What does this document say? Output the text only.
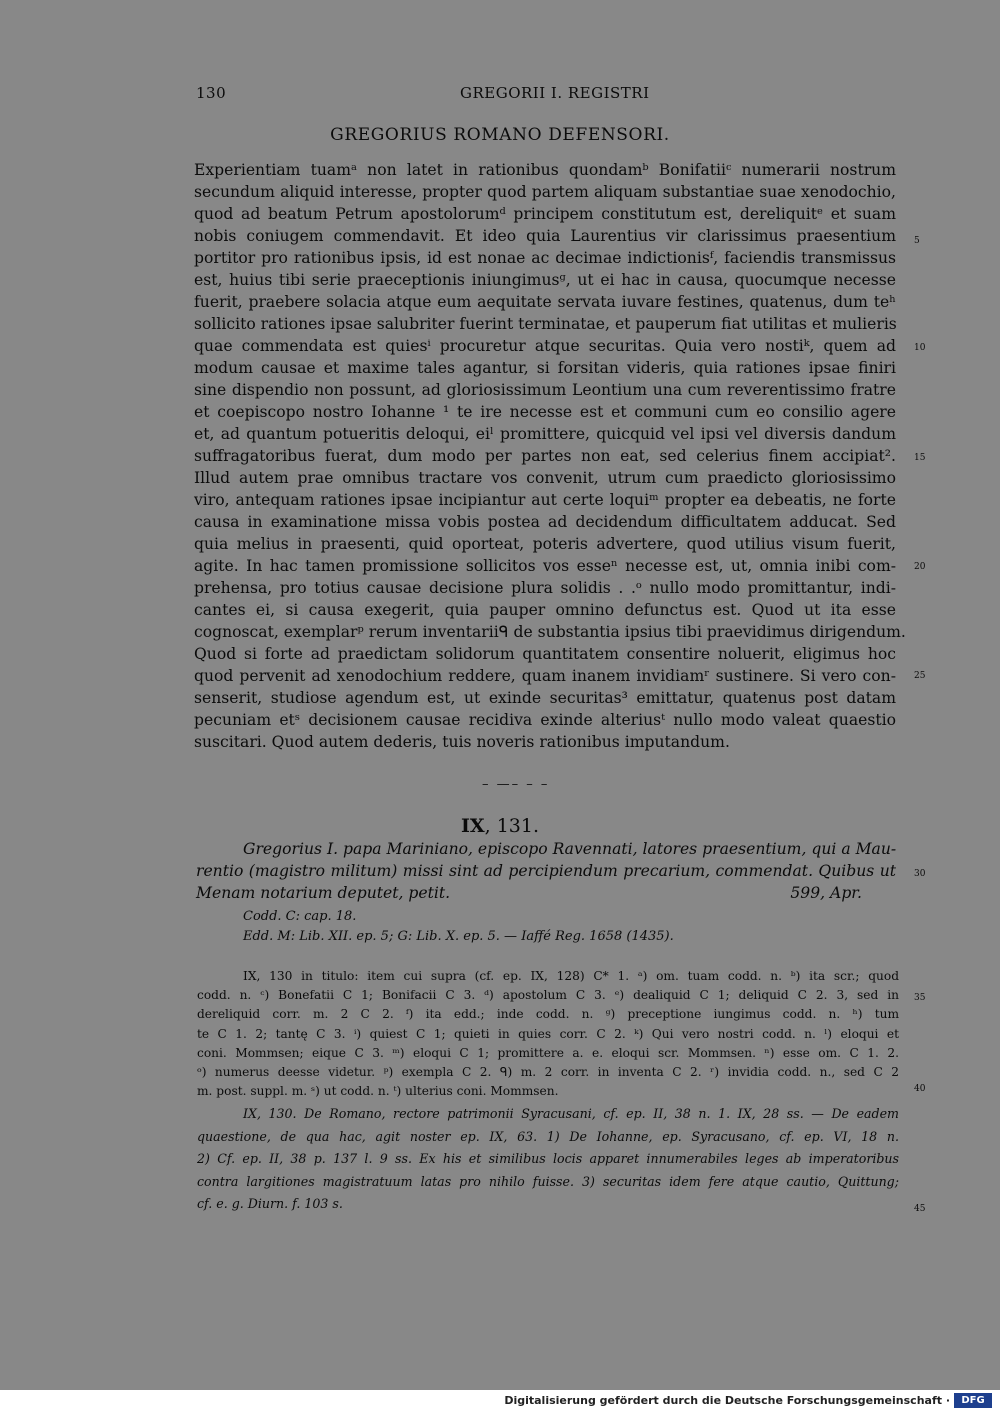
130	GREGORII I. REGISTRI
GREGORIUS ROMANO DEFENSORI.
Experientiam tuamᵃ non latet in rationibus quondamᵇ Bonifatiiᶜ numerarii nostrum
secundum aliquid interesse, propter quod partem aliquam substantiae suae xenodochio,
quod ad beatum Petrum apostolorumᵈ principem constitutum est, dereliquitᵉ et suam
nobis coniugem commendavit. Et ideo quia Laurentius vir clarissimus praesentium
portitor pro rationibus ipsis, id est nonae ac decimae indictionisᶠ, faciendis transmissus
est, huius tibi serie praeceptionis iniungimusᵍ, ut ei hac in causa, quocumque necesse
fuerit, praebere solacia atque eum aequitate servata iuvare festines, quatenus, dum teʰ
sollicito rationes ipsae salubriter fuerint terminatae, et pauperum fiat utilitas et mulieris
quae commendata est quiesⁱ procuretur atque securitas. Quia vero nostiᵏ, quem ad
modum causae et maxime tales agantur, si forsitan videris, quia rationes ipsae finiri
sine dispendio non possunt, ad gloriosissimum Leontium una cum reverentissimo fratre
et coepiscopo nostro Iohanne ¹ te ire necesse est et communi cum eo consilio agere
et, ad quantum potueritis deloqui, eiˡ promittere, quicquid vel ipsi vel diversis dandum
suffragatoribus fuerat, dum modo per partes non eat, sed celerius finem accipiat².
Illud autem prae omnibus tractare vos convenit, utrum cum praedicto gloriosissimo
viro, antequam rationes ipsae incipiantur aut certe loquiᵐ propter ea debeatis, ne forte
causa in examinatione missa vobis postea ad decidendum difficultatem adducat. Sed
quia melius in praesenti, quid oporteat, poteris advertere, quod utilius visum fuerit,
agite. In hac tamen promissione sollicitos vos esseⁿ necesse est, ut, omnia inibi com-
prehensa, pro totius causae decisione plura solidis . .ᵒ nullo modo promittantur, indi-
cantes ei, si causa exegerit, quia pauper omnino defunctus est. Quod ut ita esse
cognoscat, exemplarᵖ rerum inventariiᑫ de substantia ipsius tibi praevidimus dirigendum.
Quod si forte ad praedictam solidorum quantitatem consentire noluerit, eligimus hoc
quod pervenit ad xenodochium reddere, quam inanem invidiamʳ sustinere. Si vero con-
senserit, studiose agendum est, ut exinde securitas³ emittatur, quatenus post datam
pecuniam etˢ decisionem causae recidiva exinde alteriusᵗ nullo modo valeat quaestio
suscitari. Quod autem dederis, tuis noveris rationibus imputandum.
5
10
15
20
25
30
35
40
45
– —– – –
IX, 131.
Gregorius I. papa Mariniano, episcopo Ravennati, latores praesentium, qui a Mau-
rentio (magistro militum) missi sint ad percipiendum precarium, commendat. Quibus ut
Menam notarium deputet, petit.	599, Apr.
Codd. C: cap. 18.
Edd. M: Lib. XII. ep. 5; G: Lib. X. ep. 5. — Iaffé Reg. 1658 (1435).
IX, 130 in titulo: item cui supra (cf. ep. IX, 128) C* 1. ᵃ) om. tuam codd. n. ᵇ) ita scr.; quod
codd. n. ᶜ) Bonefatii C 1; Bonifacii C 3. ᵈ) apostolum C 3. ᵉ) dealiquid C 1; deliquid C 2. 3, sed in
dereliquid corr. m. 2 C 2. ᶠ) ita edd.; inde codd. n. ᵍ) preceptione iungimus codd. n. ʰ) tum
te C 1. 2; tantę C 3. ⁱ) quiest C 1; quieti in quies corr. C 2. ᵏ) Qui vero nostri codd. n. ˡ) eloqui et
coni. Mommsen; eique C 3. ᵐ) eloqui C 1; promittere a. e. eloqui scr. Mommsen. ⁿ) esse om. C 1. 2.
ᵒ) numerus deesse videtur. ᵖ) exempla C 2. ᑫ) m. 2 corr. in inventa C 2. ʳ) invidia codd. n., sed C 2
m. post. suppl. m. ˢ) ut codd. n. ᵗ) ulterius coni. Mommsen.
IX, 130. De Romano, rectore patrimonii Syracusani, cf. ep. II, 38 n. 1. IX, 28 ss. — De eadem
quaestione, de qua hac, agit noster ep. IX, 63. 1) De Iohanne, ep. Syracusano, cf. ep. VI, 18 n.
2) Cf. ep. II, 38 p. 137 l. 9 ss. Ex his et similibus locis apparet innumerabiles leges ab imperatoribus
contra largitiones magistratuum latas pro nihilo fuisse. 3) securitas idem fere atque cautio, Quittung;
cf. e. g. Diurn. f. 103 s.
Digitalisierung gefördert durch die Deutsche Forschungsgemeinschaft ·	DFG
